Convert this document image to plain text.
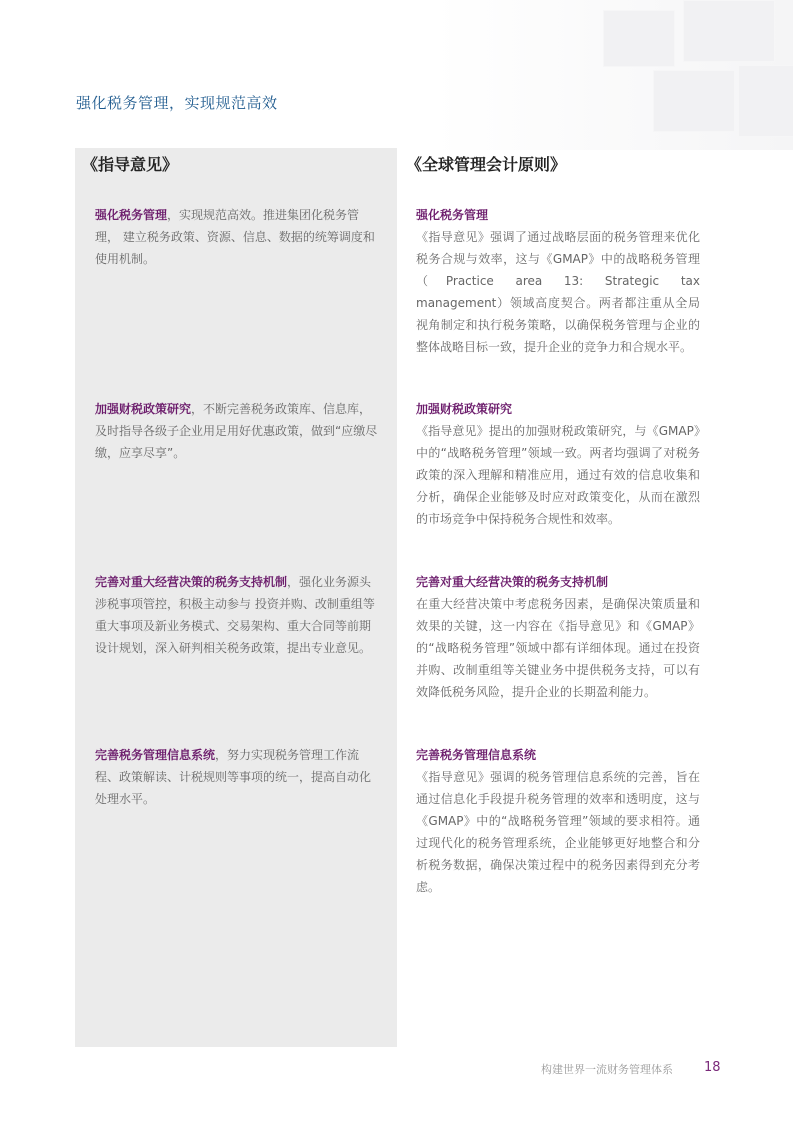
强化税务管理，实现规范高效
《指导意见》	《全球管理会计原则》
强化税务管理，实现规范高效。推进集团化税务管理， 建立税务政策、资源、信息、数据的统筹调度和使用机制。
强化税务管理
《指导意见》强调了通过战略层面的税务管理来优化税务合规与效率，这与《GMAP》中的战略税务管理（Practice area 13: Strategic tax management）领域高度契合。两者都注重从全局视角制定和执行税务策略，以确保税务管理与企业的整体战略目标一致，提升企业的竞争力和合规水平。
加强财税政策研究，不断完善税务政策库、信息库，及时指导各级子企业用足用好优惠政策，做到“应缴尽缴，应享尽享”。
加强财税政策研究
《指导意见》提出的加强财税政策研究，与《GMAP》中的“战略税务管理”领域一致。两者均强调了对税务政策的深入理解和精准应用，通过有效的信息收集和分析，确保企业能够及时应对政策变化，从而在激烈的市场竞争中保持税务合规性和效率。
完善对重大经营决策的税务支持机制，强化业务源头涉税事项管控，积极主动参与 投资并购、改制重组等重大事项及新业务模式、交易架构、重大合同等前期设计规划，深入研判相关税务政策，提出专业意见。
完善对重大经营决策的税务支持机制
在重大经营决策中考虑税务因素，是确保决策质量和效果的关键，这一内容在《指导意见》和《GMAP》的“战略税务管理”领域中都有详细体现。通过在投资并购、改制重组等关键业务中提供税务支持，可以有效降低税务风险，提升企业的长期盈利能力。
完善税务管理信息系统，努力实现税务管理工作流程、政策解读、计税规则等事项的统一，提高自动化处理水平。
完善税务管理信息系统
《指导意见》强调的税务管理信息系统的完善，旨在通过信息化手段提升税务管理的效率和透明度，这与《GMAP》中的“战略税务管理”领域的要求相符。通过现代化的税务管理系统，企业能够更好地整合和分析税务数据，确保决策过程中的税务因素得到充分考虑。
构建世界一流财务管理体系 18
